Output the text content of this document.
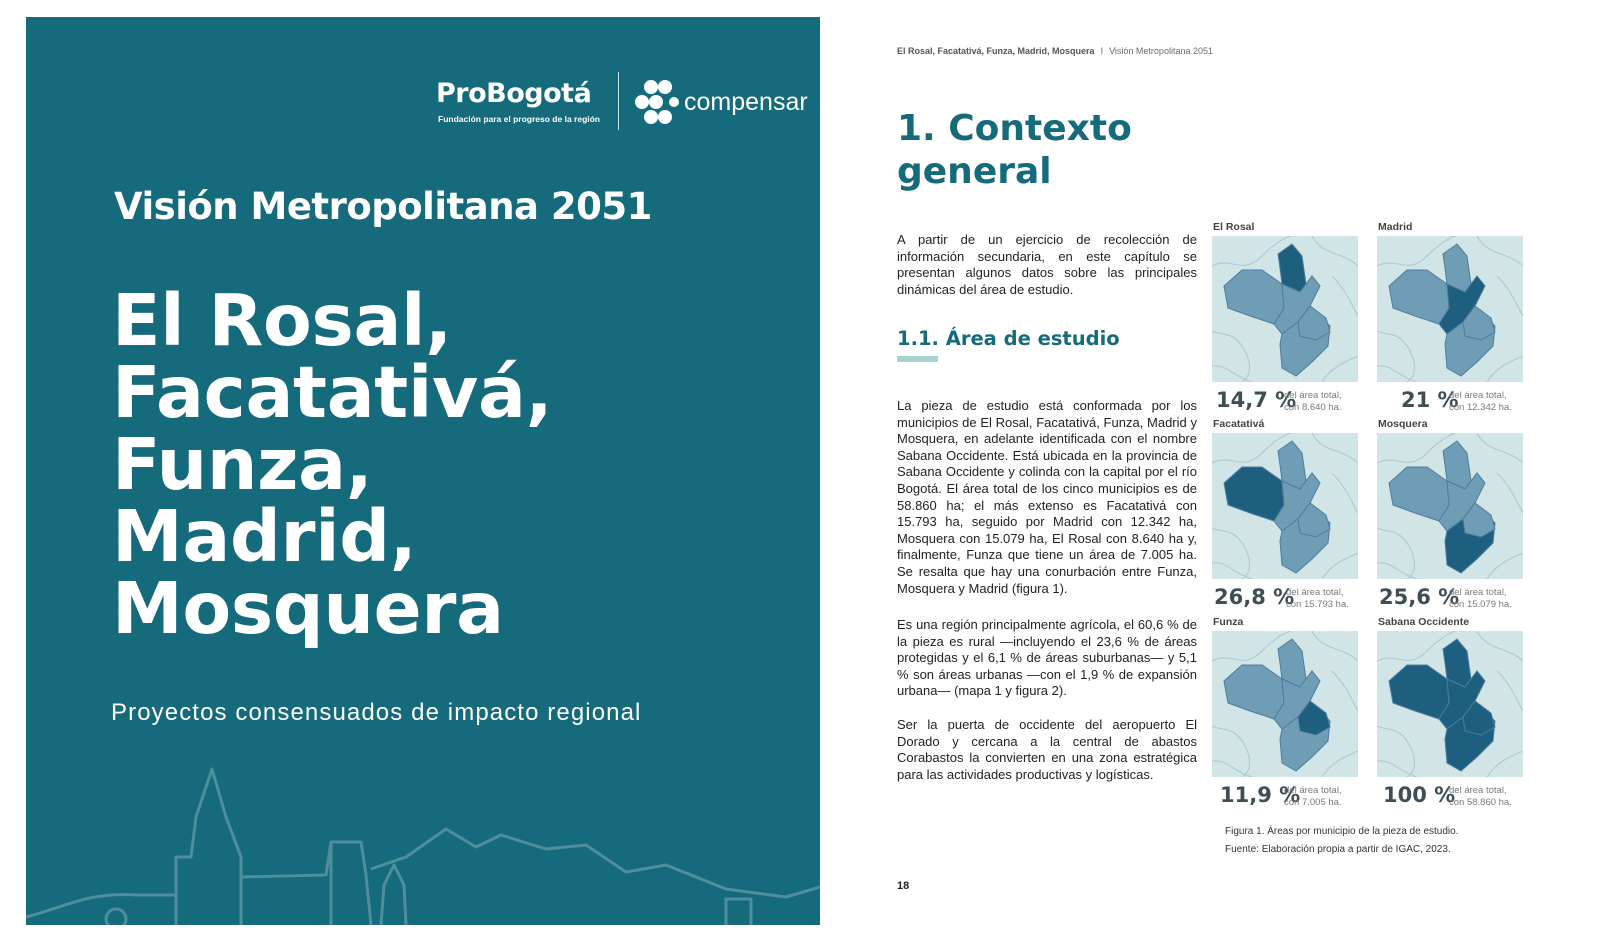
ProBogotá
Fundación para el progreso de la región
compensar
Visión Metropolitana 2051
El Rosal,
Facatativá,
Funza,
Madrid,
Mosquera
Proyectos consensuados de impacto regional
El Rosal, Facatativá, Funza, Madrid, Mosquera I Visión Metropolitana 2051
1. Contexto
general
A partir de un ejercicio de recolección de información secundaria, en este capítulo se presentan algunos datos sobre las principales dinámicas del área de estudio.
1.1. Área de estudio
La pieza de estudio está conformada por los municipios de El Rosal, Facatativá, Funza, Madrid y Mosquera, en adelante identificada con el nombre Sabana Occidente. Está ubicada en la provincia de Sabana Occidente y colinda con la capital por el río Bogotá. El área total de los cinco municipios es de 58.860 ha; el más extenso es Facatativá con 15.793 ha, seguido por Madrid con 12.342 ha, Mosquera con 15.079 ha, El Rosal con 8.640 ha y, finalmente, Funza que tiene un área de 7.005 ha. Se resalta que hay una conurbación entre Funza, Mosquera y Madrid (figura 1).
Es una región principalmente agrícola, el 60,6 % de la pieza es rural —incluyendo el 23,6 % de áreas protegidas y el 6,1 % de áreas suburbanas— y 5,1 % son áreas urbanas —con el 1,9 % de expansión urbana— (mapa 1 y figura 2).
Ser la puerta de occidente del aeropuerto El Dorado y cercana a la central de abastos Corabastos la convierten en una zona estratégica para las actividades productivas y logísticas.
18
El Rosal
14,7 %
del área total,
con 8.640 ha.
Madrid
21 %
del área total,
con 12.342 ha.
Facatativá
26,8 %
del área total,
con 15.793 ha.
Mosquera
25,6 %
del área total,
con 15.079 ha.
Funza
11,9 %
del área total,
con 7.005 ha.
Sabana Occidente
100 %
del área total,
con 58.860 ha.
Figura 1. Áreas por municipio de la pieza de estudio.
Fuente: Elaboración propia a partir de IGAC, 2023.
